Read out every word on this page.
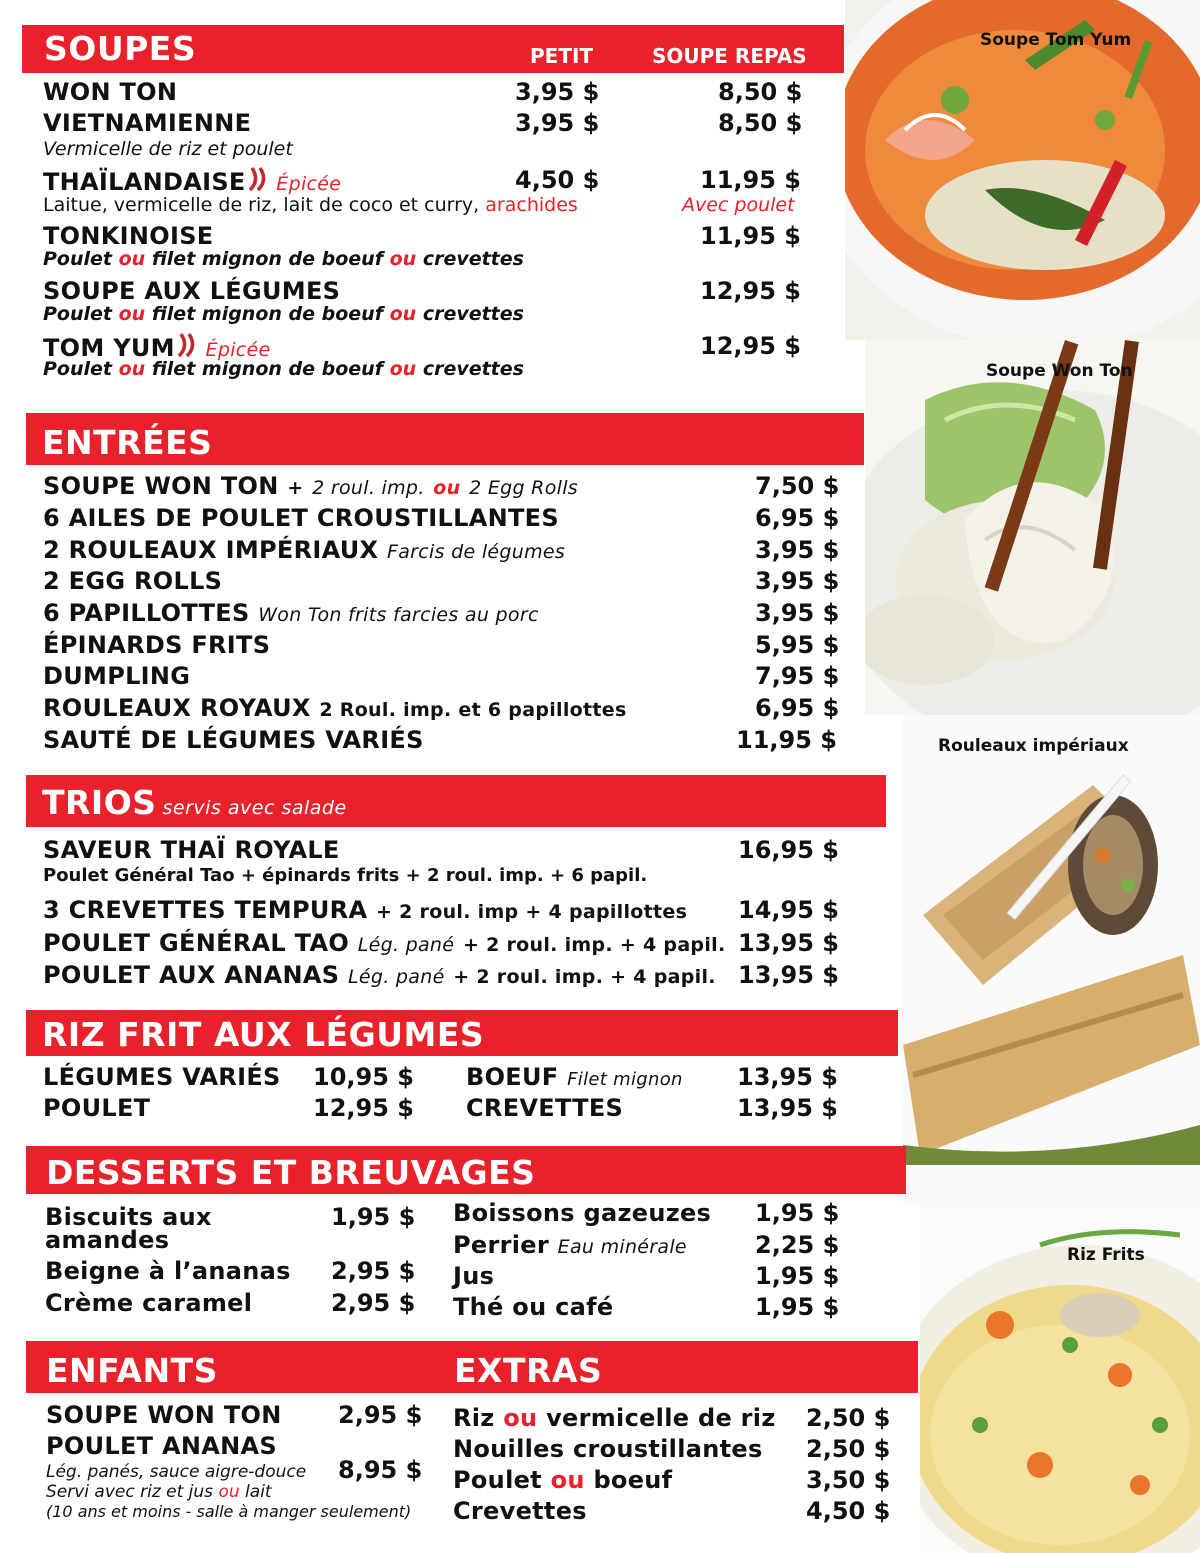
Soupe Tom Yum
Soupe Won Ton
Rouleaux impériaux
Riz Frits
SOUPES	PETIT	SOUPE REPAS
WON TON	3,95 $	8,50 $
VIETNAMIENNE	3,95 $	8,50 $
Vermicelle de riz et poulet
THAÏLANDAISE Épicée	4,50 $	11,95 $
Laitue, vermicelle de riz, lait de coco et curry, arachides	Avec poulet
TONKINOISE	11,95 $
Poulet ou filet mignon de boeuf ou crevettes
SOUPE AUX LÉGUMES	12,95 $
Poulet ou filet mignon de boeuf ou crevettes
TOM YUM Épicée	12,95 $
Poulet ou filet mignon de boeuf ou crevettes
ENTRÉES
SOUPE WON TON + 2 roul. imp. ou 2 Egg Rolls	7,50 $
6 AILES DE POULET CROUSTILLANTES	6,95 $
2 ROULEAUX IMPÉRIAUX Farcis de légumes	3,95 $
2 EGG ROLLS	3,95 $
6 PAPILLOTTES Won Ton frits farcies au porc	3,95 $
ÉPINARDS FRITS	5,95 $
DUMPLING	7,95 $
ROULEAUX ROYAUX 2 Roul. imp. et 6 papillottes	6,95 $
SAUTÉ DE LÉGUMES VARIÉS	11,95 $
TRIOS servis avec salade
SAVEUR THAÏ ROYALE	16,95 $
Poulet Général Tao + épinards frits + 2 roul. imp. + 6 papil.
3 CREVETTES TEMPURA + 2 roul. imp + 4 papillottes 14,95 $
POULET GÉNÉRAL TAO Lég. pané + 2 roul. imp. + 4 papil. 13,95 $
POULET AUX ANANAS Lég. pané + 2 roul. imp. + 4 papil. 13,95 $
RIZ FRIT AUX LÉGUMES
LÉGUMES VARIÉS 10,95 $
POULET	12,95 $
BOEUF Filet mignon 13,95 $
CREVETTES	13,95 $
DESSERTS ET BREUVAGES
Biscuits aux
amandes
1,95 $
Beigne à l’ananas 2,95 $
Crème caramel	2,95 $
Boissons gazeuzes 1,95 $
Perrier Eau minérale	2,25 $
Jus	1,95 $
Thé ou café	1,95 $
ENFANTS	EXTRAS
SOUPE WON TON 2,95 $
POULET ANANAS
8,95 $
Lég. panés, sauce aigre-douce
Servi avec riz et jus ou lait
(10 ans et moins - salle à manger seulement)
Riz ou vermicelle de riz 2,50 $
Nouilles croustillantes 2,50 $
Poulet ou boeuf	3,50 $
Crevettes	4,50 $
